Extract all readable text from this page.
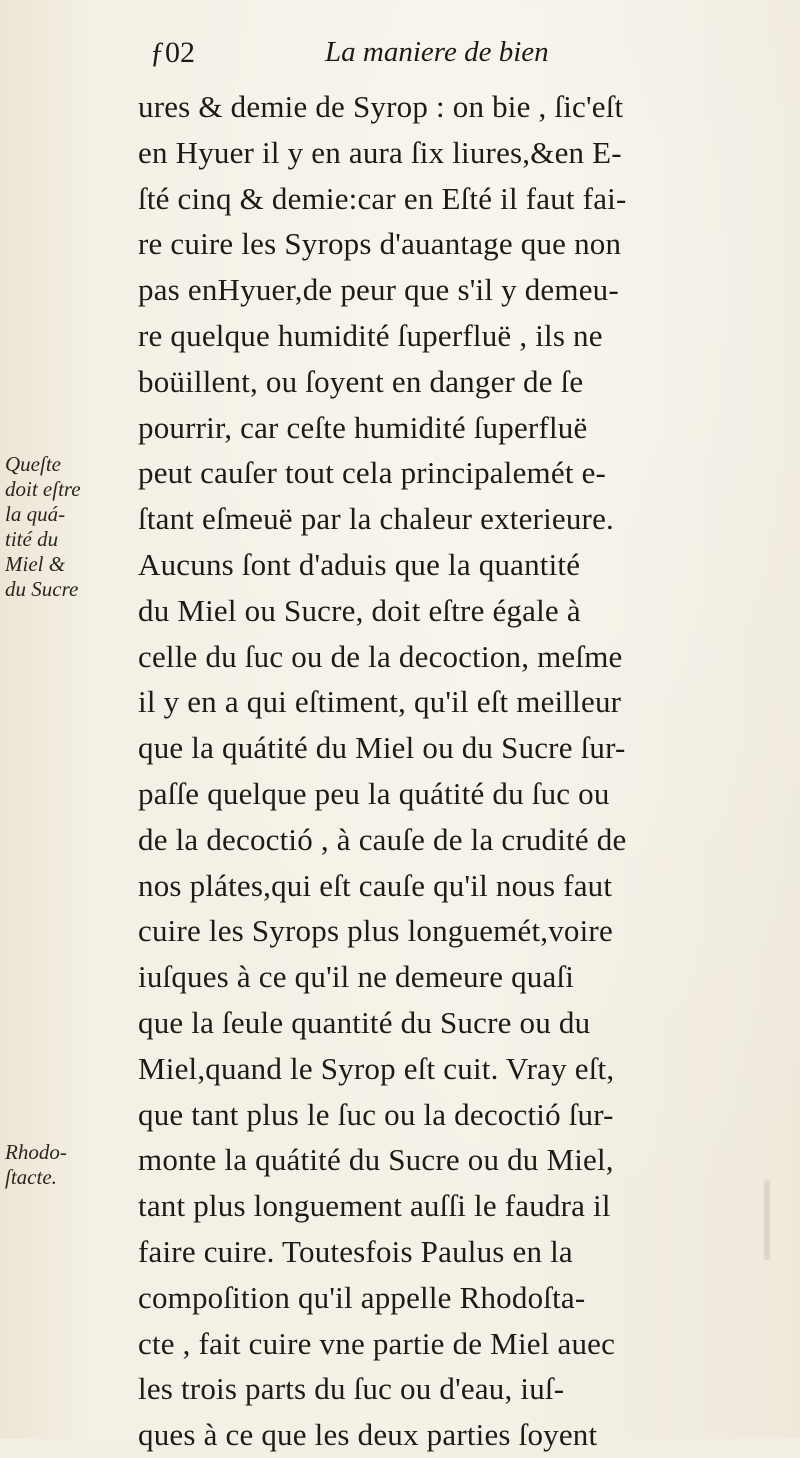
ƒ02	La maniere de bien
Queſte
doit eſtre
la quá-
tité du
Miel &
du Sucre
Rhodo-
ſtacte.
ures & demie de Syrop : on bie , ſic'eſt
en Hyuer il y en aura ſix liures,&en E-
ſté cinq & demie:car en Eſté il faut fai-
re cuire les Syrops d'auantage que non
pas enHyuer,de peur que s'il y demeu-
re quelque humidité ſuperfluë , ils ne
boüillent, ou ſoyent en danger de ſe
pourrir, car ceſte humidité ſuperfluë
peut cauſer tout cela principalemét e-
ſtant eſmeuë par la chaleur exterieure.
Aucuns ſont d'aduis que la quantité
du Miel ou Sucre, doit eſtre égale à
celle du ſuc ou de la decoction, meſme
il y en a qui eſtiment, qu'il eſt meilleur
que la quátité du Miel ou du Sucre ſur-
paſſe quelque peu la quátité du ſuc ou
de la decoctió , à cauſe de la crudité de
nos plátes,qui eſt cauſe qu'il nous faut
cuire les Syrops plus longuemét,voire
iuſques à ce qu'il ne demeure quaſi
que la ſeule quantité du Sucre ou du
Miel,quand le Syrop eſt cuit. Vray eſt,
que tant plus le ſuc ou la decoctió ſur-
monte la quátité du Sucre ou du Miel,
tant plus longuement auſſi le faudra il
faire cuire. Toutesfois Paulus en la
compoſition qu'il appelle Rhodoſta-
cte , fait cuire vne partie de Miel auec
les trois parts du ſuc ou d'eau, iuſ-
ques à ce que les deux parties ſoyent
